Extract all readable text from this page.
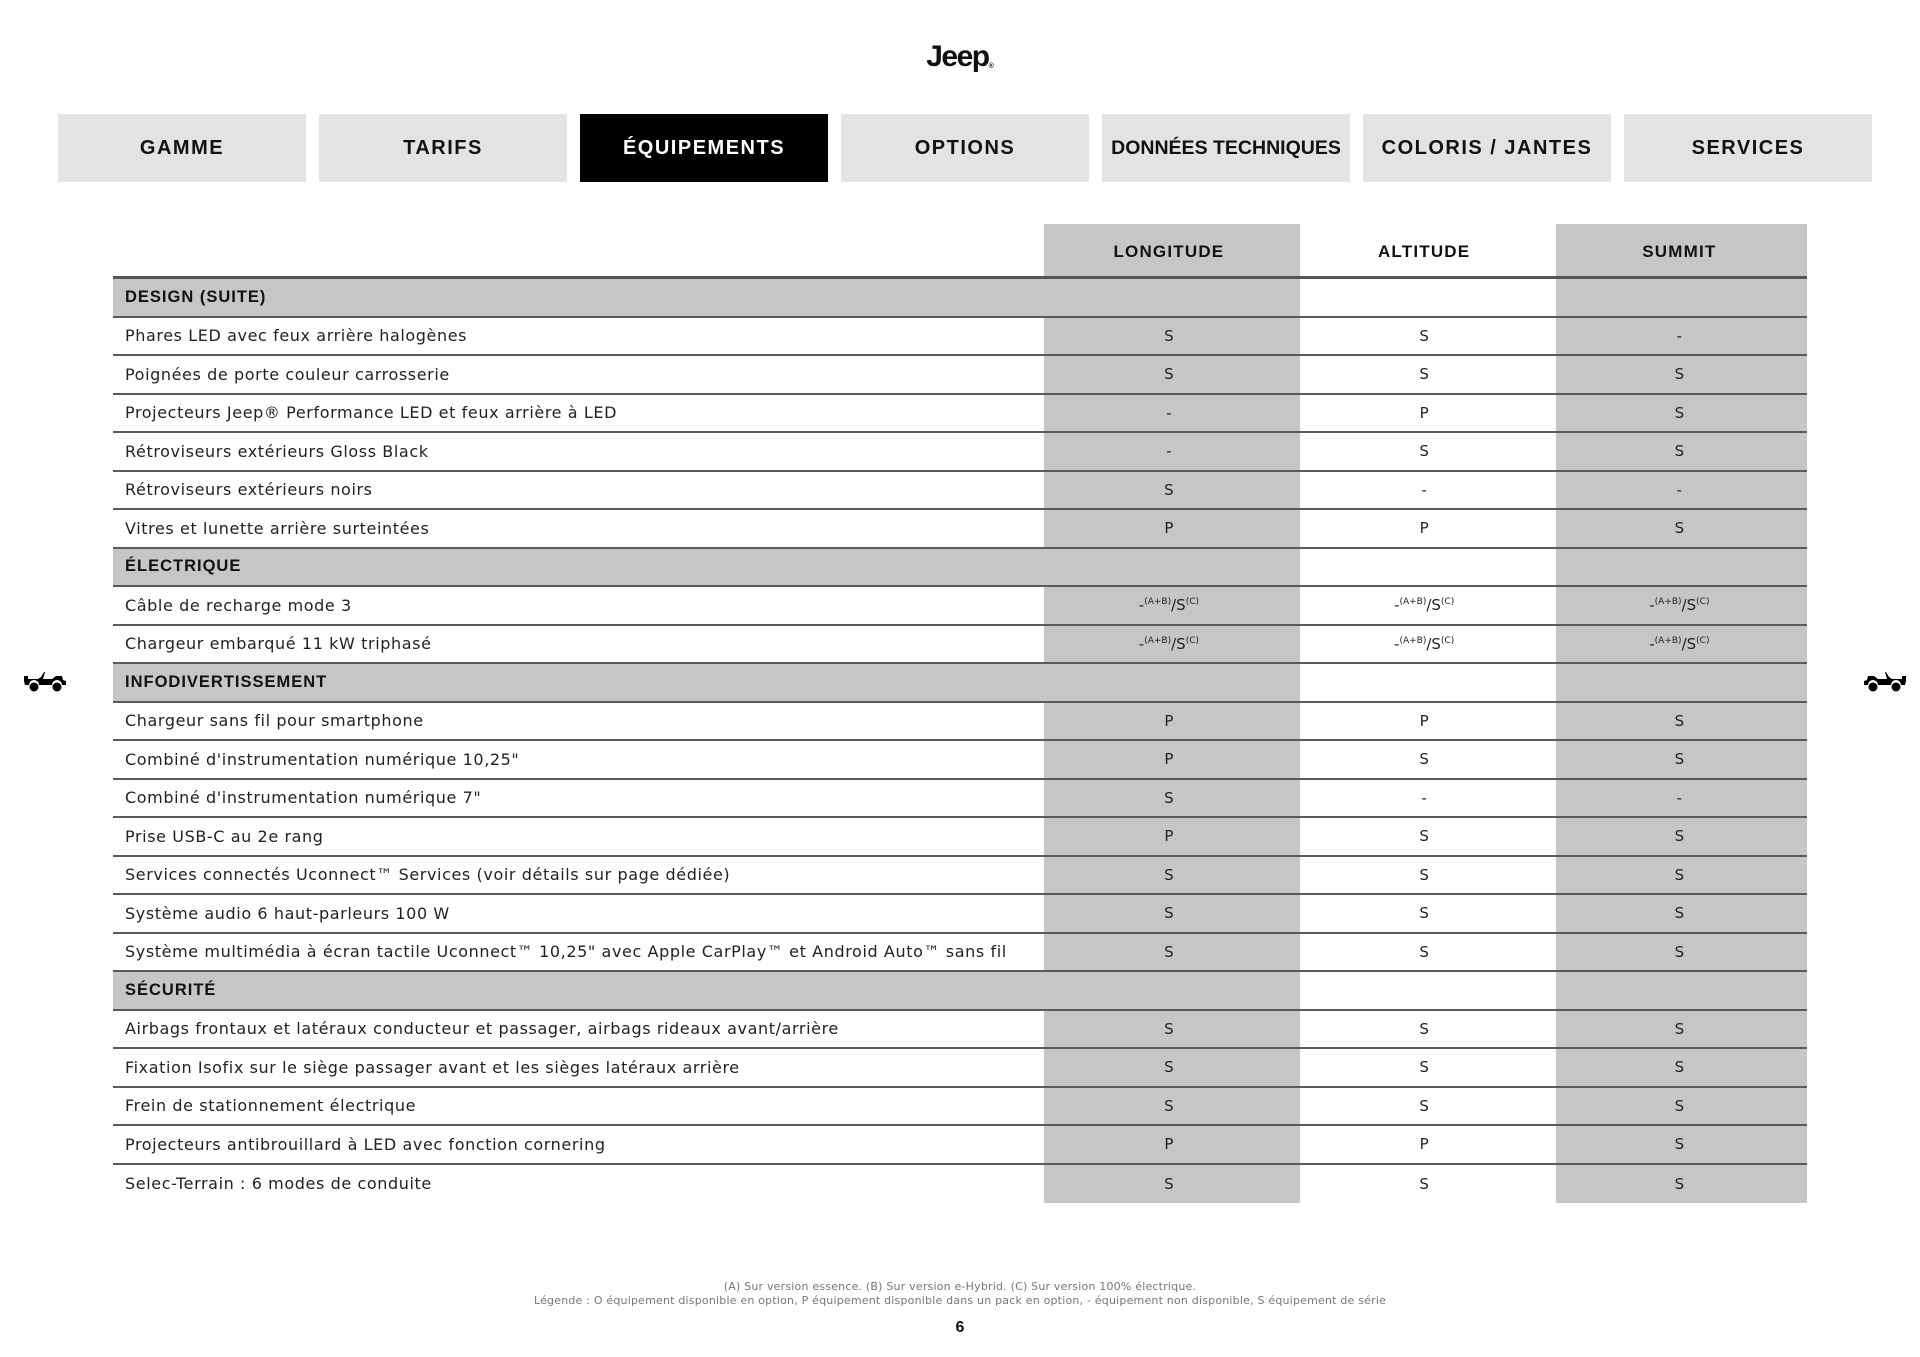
Jeep®
GAMME	TARIFS	ÉQUIPEMENTS	OPTIONS	DONNÉES TECHNIQUES	COLORIS / JANTES	SERVICES
LONGITUDE	ALTITUDE	SUMMIT
DESIGN (SUITE)
Phares LED avec feux arrière halogènes	S	S	-
Poignées de porte couleur carrosserie	S	S	S
Projecteurs Jeep® Performance LED et feux arrière à LED	-	P	S
Rétroviseurs extérieurs Gloss Black	-	S	S
Rétroviseurs extérieurs noirs	S	-	-
Vitres et lunette arrière surteintées	P	P	S
ÉLECTRIQUE
Câble de recharge mode 3	$-^{(A+B)}/S^{(C)}$	$-^{(A+B)}/S^{(C)}$	$-^{(A+B)}/S^{(C)}$
Chargeur embarqué 11 kW triphasé	$-^{(A+B)}/S^{(C)}$	$-^{(A+B)}/S^{(C)}$	$-^{(A+B)}/S^{(C)}$
INFODIVERTISSEMENT
Chargeur sans fil pour smartphone	P	P	S
Combiné d'instrumentation numérique 10,25"	P	S	S
Combiné d'instrumentation numérique 7"	S	-	-
Prise USB-C au 2e rang	P	S	S
Services connectés Uconnect™ Services (voir détails sur page dédiée)	S	S	S
Système audio 6 haut-parleurs 100 W	S	S	S
Système multimédia à écran tactile Uconnect™ 10,25" avec Apple CarPlay™ et Android Auto™ sans fil	S	S	S
SÉCURITÉ
Airbags frontaux et latéraux conducteur et passager, airbags rideaux avant/arrière	S	S	S
Fixation Isofix sur le siège passager avant et les sièges latéraux arrière	S	S	S
Frein de stationnement électrique	S	S	S
Projecteurs antibrouillard à LED avec fonction cornering	P	P	S
Selec-Terrain : 6 modes de conduite	S	S	S
(A) Sur version essence. (B) Sur version e-Hybrid. (C) Sur version 100% électrique.
Légende : O équipement disponible en option, P équipement disponible dans un pack en option, - équipement non disponible, S équipement de série
6
